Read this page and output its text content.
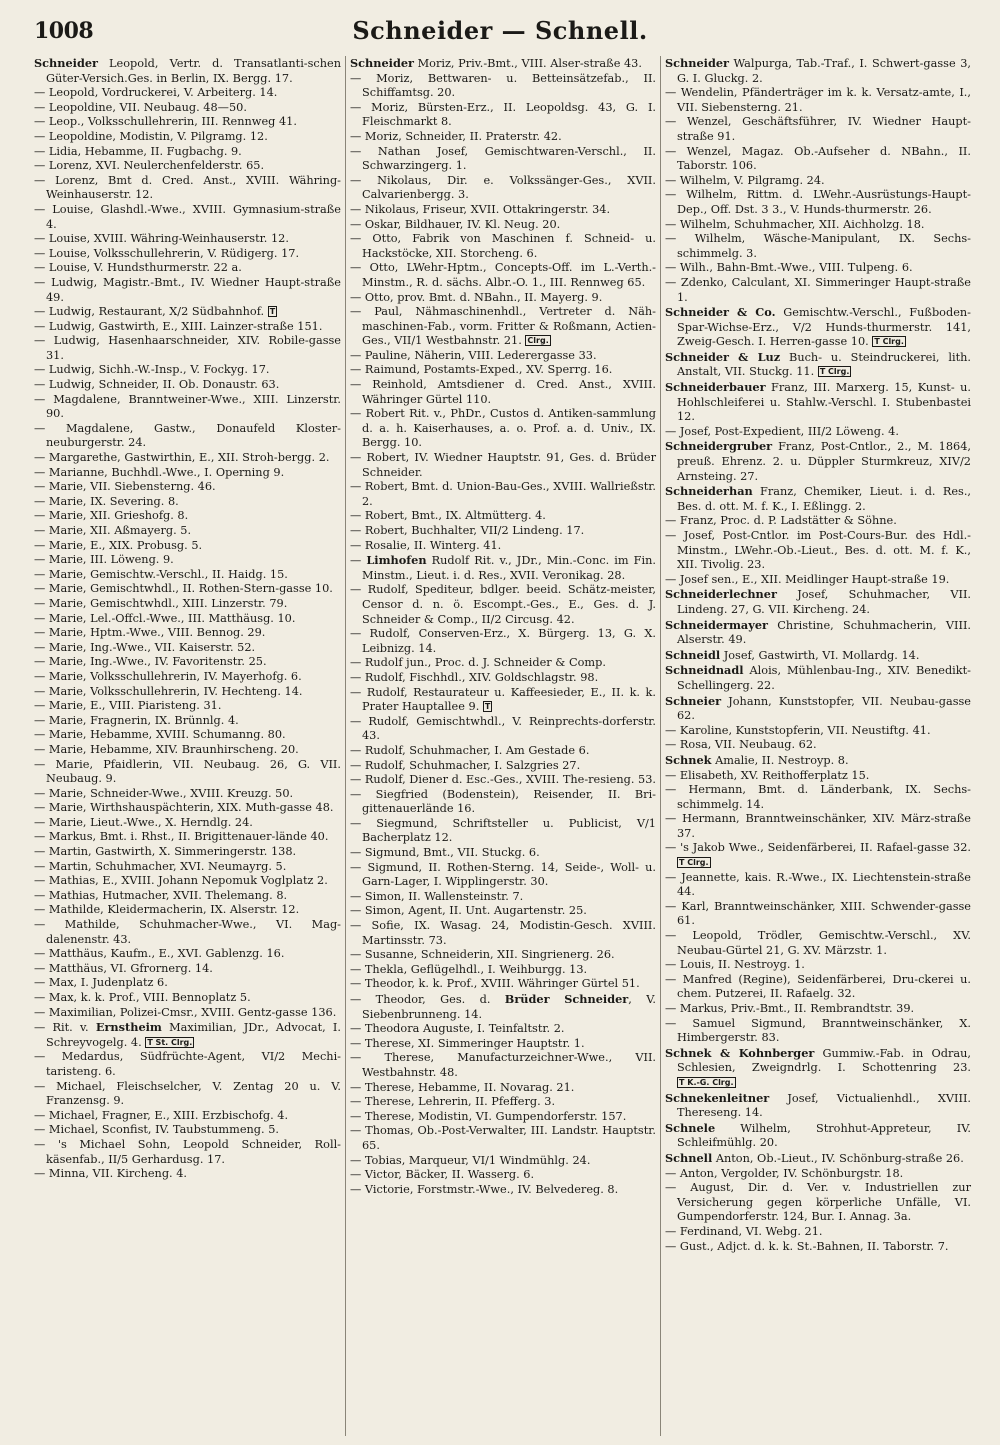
1008	Schneider — Schnell.
Schneider Leopold, Vertr. d. Transatlanti-schen Güter-Versich.Ges. in Berlin, IX. Bergg. 17.
— Leopold, Vordruckerei, V. Arbeiterg. 14.
— Leopoldine, VII. Neubaug. 48—50.
— Leop., Volksschullehrerin, III. Rennweg 41.
— Leopoldine, Modistin, V. Pilgramg. 12.
— Lidia, Hebamme, II. Fugbachg. 9.
— Lorenz, XVI. Neulerchenfelderstr. 65.
— Lorenz, Bmt d. Cred. Anst., XVIII. Währing-Weinhauserstr. 12.
— Louise, Glashdl.-Wwe., XVIII. Gymnasium-straße 4.
— Louise, XVIII. Währing-Weinhauserstr. 12.
— Louise, Volksschullehrerin, V. Rüdigerg. 17.
— Louise, V. Hundsthurmerstr. 22 a.
— Ludwig, Magistr.-Bmt., IV. Wiedner Haupt-straße 49.
— Ludwig, Restaurant, X/2 Südbahnhof. T
— Ludwig, Gastwirth, E., XIII. Lainzer-straße 151.
— Ludwig, Hasenhaarschneider, XIV. Robile-gasse 31.
— Ludwig, Sichh.-W.-Insp., V. Fockyg. 17.
— Ludwig, Schneider, II. Ob. Donaustr. 63.
— Magdalene, Branntweiner-Wwe., XIII. Linzerstr. 90.
— Magdalene, Gastw., Donaufeld Kloster-neuburgerstr. 24.
— Margarethe, Gastwirthin, E., XII. Stroh-bergg. 2.
— Marianne, Buchhdl.-Wwe., I. Operning 9.
— Marie, VII. Siebensterng. 46.
— Marie, IX. Severing. 8.
— Marie, XII. Grieshofg. 8.
— Marie, XII. Aßmayerg. 5.
— Marie, E., XIX. Probusg. 5.
— Marie, III. Löweng. 9.
— Marie, Gemischtw.-Verschl., II. Haidg. 15.
— Marie, Gemischtwhdl., II. Rothen-Stern-gasse 10.
— Marie, Gemischtwhdl., XIII. Linzerstr. 79.
— Marie, Lel.-Offcl.-Wwe., III. Matthäusg. 10.
— Marie, Hptm.-Wwe., VIII. Bennog. 29.
— Marie, Ing.-Wwe., VII. Kaiserstr. 52.
— Marie, Ing.-Wwe., IV. Favoritenstr. 25.
— Marie, Volksschullehrerin, IV. Mayerhofg. 6.
— Marie, Volksschullehrerin, IV. Hechteng. 14.
— Marie, E., VIII. Piaristeng. 31.
— Marie, Fragnerin, IX. Brünnlg. 4.
— Marie, Hebamme, XVIII. Schumanng. 80.
— Marie, Hebamme, XIV. Braunhirscheng. 20.
— Marie, Pfaidlerin, VII. Neubaug. 26, G. VII. Neubaug. 9.
— Marie, Schneider-Wwe., XVIII. Kreuzg. 50.
— Marie, Wirthshauspächterin, XIX. Muth-gasse 48.
— Marie, Lieut.-Wwe., X. Herndlg. 24.
— Markus, Bmt. i. Rhst., II. Brigittenauer-lände 40.
— Martin, Gastwirth, X. Simmeringerstr. 138.
— Martin, Schuhmacher, XVI. Neumayrg. 5.
— Mathias, E., XVIII. Johann Nepomuk Voglplatz 2.
— Mathias, Hutmacher, XVII. Thelemang. 8.
— Mathilde, Kleidermacherin, IX. Alserstr. 12.
— Mathilde, Schuhmacher-Wwe., VI. Mag-dalenenstr. 43.
— Matthäus, Kaufm., E., XVI. Gablenzg. 16.
— Matthäus, VI. Gfrornerg. 14.
— Max, I. Judenplatz 6.
— Max, k. k. Prof., VIII. Bennoplatz 5.
— Maximilian, Polizei-Cmsr., XVIII. Gentz-gasse 136.
— Rit. v. Ernstheim Maximilian, JDr., Advocat, I. Schreyvogelg. 4. T St. Clrg.
— Medardus, Südfrüchte-Agent, VI/2 Mechi-taristeng. 6.
— Michael, Fleischselcher, V. Zentag 20 u. V. Franzensg. 9.
— Michael, Fragner, E., XIII. Erzbischofg. 4.
— Michael, Sconfist, IV. Taubstummeng. 5.
— 's Michael Sohn, Leopold Schneider, Roll-käsenfab., II/5 Gerhardusg. 17.
— Minna, VII. Kircheng. 4.
Schneider Moriz, Priv.-Bmt., VIII. Alser-straße 43.
— Moriz, Bettwaren- u. Betteinsätzefab., II. Schiffamtsg. 20.
— Moriz, Bürsten-Erz., II. Leopoldsg. 43, G. I. Fleischmarkt 8.
— Moriz, Schneider, II. Praterstr. 42.
— Nathan Josef, Gemischtwaren-Verschl., II. Schwarzingerg. 1.
— Nikolaus, Dir. e. Volkssänger-Ges., XVII. Calvarienbergg. 3.
— Nikolaus, Friseur, XVII. Ottakringerstr. 34.
— Oskar, Bildhauer, IV. Kl. Neug. 20.
— Otto, Fabrik von Maschinen f. Schneid- u. Hackstöcke, XII. Storcheng. 6.
— Otto, LWehr-Hptm., Concepts-Off. im L.-Verth.-Minstm., R. d. sächs. Albr.-O. 1., III. Rennweg 65.
— Otto, prov. Bmt. d. NBahn., II. Mayerg. 9.
— Paul, Nähmaschinenhdl., Vertreter d. Näh-maschinen-Fab., vorm. Fritter & Roßmann, Actien-Ges., VII/1 Westbahnstr. 21. Clrg.
— Pauline, Näherin, VIII. Lederergasse 33.
— Raimund, Postamts-Exped., XV. Sperrg. 16.
— Reinhold, Amtsdiener d. Cred. Anst., XVIII. Währinger Gürtel 110.
— Robert Rit. v., PhDr., Custos d. Antiken-sammlung d. a. h. Kaiserhauses, a. o. Prof. a. d. Univ., IX. Bergg. 10.
— Robert, IV. Wiedner Hauptstr. 91, Ges. d. Brüder Schneider.
— Robert, Bmt. d. Union-Bau-Ges., XVIII. Wallrießstr. 2.
— Robert, Bmt., IX. Altmütterg. 4.
— Robert, Buchhalter, VII/2 Lindeng. 17.
— Rosalie, II. Winterg. 41.
— Limhofen Rudolf Rit. v., JDr., Min.-Conc. im Fin. Minstm., Lieut. i. d. Res., XVII. Veronikag. 28.
— Rudolf, Spediteur, bdlger. beeid. Schätz-meister, Censor d. n. ö. Escompt.-Ges., E., Ges. d. J. Schneider & Comp., II/2 Circusg. 42.
— Rudolf, Conserven-Erz., X. Bürgerg. 13, G. X. Leibnizg. 14.
— Rudolf jun., Proc. d. J. Schneider & Comp.
— Rudolf, Fischhdl., XIV. Goldschlagstr. 98.
— Rudolf, Restaurateur u. Kaffeesieder, E., II. k. k. Prater Hauptallee 9. T
— Rudolf, Gemischtwhdl., V. Reinprechts-dorferstr. 43.
— Rudolf, Schuhmacher, I. Am Gestade 6.
— Rudolf, Schuhmacher, I. Salzgries 27.
— Rudolf, Diener d. Esc.-Ges., XVIII. The-resieng. 53.
— Siegfried (Bodenstein), Reisender, II. Bri-gittenauerlände 16.
— Siegmund, Schriftsteller u. Publicist, V/1 Bacherplatz 12.
— Sigmund, Bmt., VII. Stuckg. 6.
— Sigmund, II. Rothen-Sterng. 14, Seide-, Woll- u. Garn-Lager, I. Wipplingerstr. 30.
— Simon, II. Wallensteinstr. 7.
— Simon, Agent, II. Unt. Augartenstr. 25.
— Sofie, IX. Wasag. 24, Modistin-Gesch. XVIII. Martinsstr. 73.
— Susanne, Schneiderin, XII. Singrienerg. 26.
— Thekla, Geflügelhdl., I. Weihburgg. 13.
— Theodor, k. k. Prof., XVIII. Währinger Gürtel 51.
— Theodor, Ges. d. Brüder Schneider, V. Siebenbrunneng. 14.
— Theodora Auguste, I. Teinfaltstr. 2.
— Therese, XI. Simmeringer Hauptstr. 1.
— Therese, Manufacturzeichner-Wwe., VII. Westbahnstr. 48.
— Therese, Hebamme, II. Novarag. 21.
— Therese, Lehrerin, II. Pfefferg. 3.
— Therese, Modistin, VI. Gumpendorferstr. 157.
— Thomas, Ob.-Post-Verwalter, III. Landstr. Hauptstr. 65.
— Tobias, Marqueur, VI/1 Windmühlg. 24.
— Victor, Bäcker, II. Wasserg. 6.
— Victorie, Forstmstr.-Wwe., IV. Belvedereg. 8.
Schneider Walpurga, Tab.-Traf., I. Schwert-gasse 3, G. I. Gluckg. 2.
— Wendelin, Pfänderträger im k. k. Versatz-amte, I., VII. Siebensterng. 21.
— Wenzel, Geschäftsführer, IV. Wiedner Haupt-straße 91.
— Wenzel, Magaz. Ob.-Aufseher d. NBahn., II. Taborstr. 106.
— Wilhelm, V. Pilgramg. 24.
— Wilhelm, Rittm. d. LWehr.-Ausrüstungs-Haupt-Dep., Off. Dst. 3 3., V. Hunds-thurmerstr. 26.
— Wilhelm, Schuhmacher, XII. Aichholzg. 18.
— Wilhelm, Wäsche-Manipulant, IX. Sechs-schimmelg. 3.
— Wilh., Bahn-Bmt.-Wwe., VIII. Tulpeng. 6.
— Zdenko, Calculant, XI. Simmeringer Haupt-straße 1.
Schneider & Co. Gemischtw.-Verschl., Fußboden-Spar-Wichse-Erz., V/2 Hunds-thurmerstr. 141, Zweig-Gesch. I. Herren-gasse 10. T Clrg.
Schneider & Luz Buch- u. Steindruckerei, lith. Anstalt, VII. Stuckg. 11. T Clrg.
Schneiderbauer Franz, III. Marxerg. 15, Kunst- u. Hohlschleiferei u. Stahlw.-Verschl. I. Stubenbastei 12.
— Josef, Post-Expedient, III/2 Löweng. 4.
Schneidergruber Franz, Post-Cntlor., 2., M. 1864, preuß. Ehrenz. 2. u. Düppler Sturmkreuz, XIV/2 Arnsteing. 27.
Schneiderhan Franz, Chemiker, Lieut. i. d. Res., Bes. d. ott. M. f. K., I. Eßlingg. 2.
— Franz, Proc. d. P. Ladstätter & Söhne.
— Josef, Post-Cntlor. im Post-Cours-Bur. des Hdl.-Minstm., LWehr.-Ob.-Lieut., Bes. d. ott. M. f. K., XII. Tivolig. 23.
— Josef sen., E., XII. Meidlinger Haupt-straße 19.
Schneiderlechner Josef, Schuhmacher, VII. Lindeng. 27, G. VII. Kircheng. 24.
Schneidermayer Christine, Schuhmacherin, VIII. Alserstr. 49.
Schneidl Josef, Gastwirth, VI. Mollardg. 14.
Schneidnadl Alois, Mühlenbau-Ing., XIV. Benedikt-Schellingerg. 22.
Schneier Johann, Kunststopfer, VII. Neubau-gasse 62.
— Karoline, Kunststopferin, VII. Neustiftg. 41.
— Rosa, VII. Neubaug. 62.
Schnek Amalie, II. Nestroyp. 8.
— Elisabeth, XV. Reithofferplatz 15.
— Hermann, Bmt. d. Länderbank, IX. Sechs-schimmelg. 14.
— Hermann, Branntweinschänker, XIV. März-straße 37.
— 's Jakob Wwe., Seidenfärberei, II. Rafael-gasse 32. T Clrg.
— Jeannette, kais. R.-Wwe., IX. Liechtenstein-straße 44.
— Karl, Branntweinschänker, XIII. Schwender-gasse 61.
— Leopold, Trödler, Gemischtw.-Verschl., XV. Neubau-Gürtel 21, G. XV. Märzstr. 1.
— Louis, II. Nestroyg. 1.
— Manfred (Regine), Seidenfärberei, Dru-ckerei u. chem. Putzerei, II. Rafaelg. 32.
— Markus, Priv.-Bmt., II. Rembrandtstr. 39.
— Samuel Sigmund, Branntweinschänker, X. Himbergerstr. 83.
Schnek & Kohnberger Gummiw.-Fab. in Odrau, Schlesien, Zweigndrlg. I. Schottenring 23. T K.-G. Clrg.
Schnekenleitner Josef, Victualienhdl., XVIII. Thereseng. 14.
Schnele Wilhelm, Strohhut-Appreteur, IV. Schleifmühlg. 20.
Schnell Anton, Ob.-Lieut., IV. Schönburg-straße 26.
— Anton, Vergolder, IV. Schönburgstr. 18.
— August, Dir. d. Ver. v. Industriellen zur Versicherung gegen körperliche Unfälle, VI. Gumpendorferstr. 124, Bur. I. Annag. 3a.
— Ferdinand, VI. Webg. 21.
— Gust., Adjct. d. k. k. St.-Bahnen, II. Taborstr. 7.
